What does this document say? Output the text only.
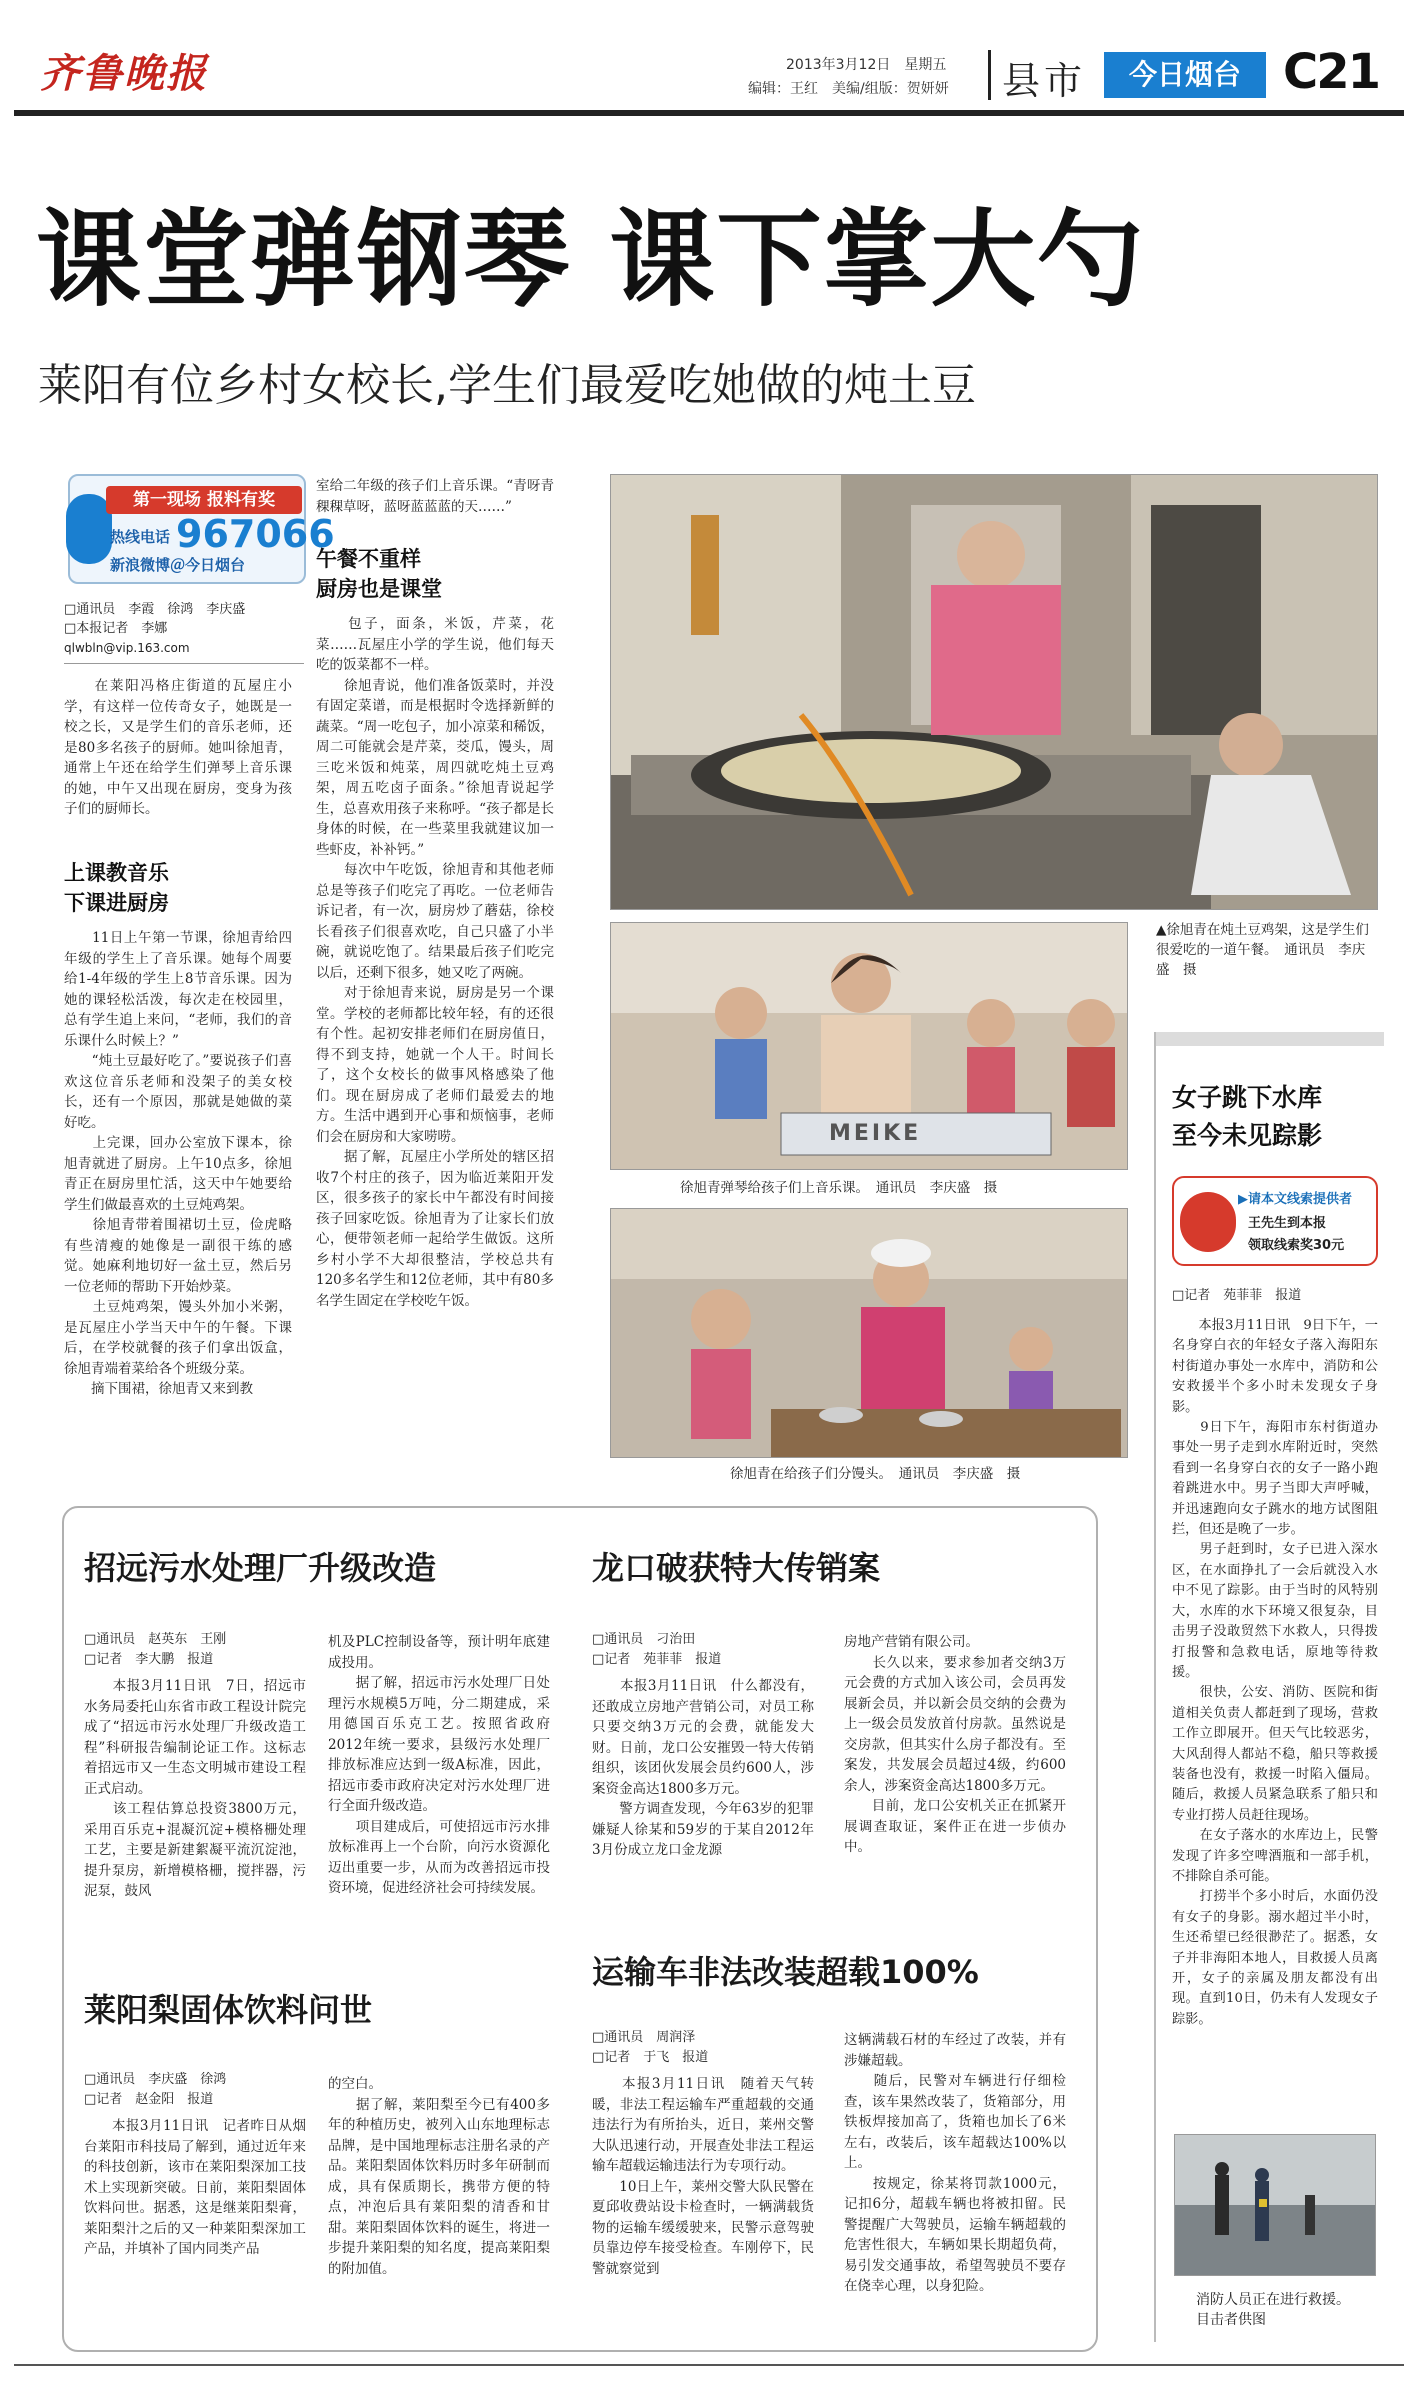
齐鲁晚报	2013年3月12日　星期五
编辑：王红　美编/组版：贺妍妍 县市	今日烟台 C21
课堂弹钢琴 课下掌大勺
莱阳有位乡村女校长,学生们最爱吃她做的炖土豆
第一现场 报料有奖
热线电话 967066
新浪微博＠今日烟台
□通讯员　李霞　徐鸿　李庆盛
□本报记者　李娜
qlwbln@vip.163.com
　　在莱阳冯格庄街道的瓦屋庄小学，有这样一位传奇女子，她既是一校之长，又是学生们的音乐老师，还是80多名孩子的厨师。她叫徐旭青，通常上午还在给学生们弹琴上音乐课的她，中午又出现在厨房，变身为孩子们的厨师长。
上课教音乐
下课进厨房
　　11日上午第一节课，徐旭青给四年级的学生上了音乐课。她每个周要给1-4年级的学生上8节音乐课。因为她的课轻松活泼，每次走在校园里，总有学生追上来问，“老师，我们的音乐课什么时候上？”
　　“炖土豆最好吃了。”要说孩子们喜欢这位音乐老师和没架子的美女校长，还有一个原因，那就是她做的菜好吃。
　　上完课，回办公室放下课本，徐旭青就进了厨房。上午10点多，徐旭青正在厨房里忙活，这天中午她要给学生们做最喜欢的土豆炖鸡架。
　　徐旭青带着围裙切土豆，俭虎略有些清瘦的她像是一副很干练的感觉。她麻利地切好一盆土豆，然后另一位老师的帮助下开始炒菜。
　　土豆炖鸡架，馒头外加小米粥，是瓦屋庄小学当天中午的午餐。下课后，在学校就餐的孩子们拿出饭盒，徐旭青端着菜给各个班级分菜。
　　摘下围裙，徐旭青又来到教
室给二年级的孩子们上音乐课。“青呀青稞稞草呀，蓝呀蓝蓝蓝的天……”
午餐不重样
厨房也是课堂
　　包子，面条，米饭，芹菜，花菜……瓦屋庄小学的学生说，他们每天吃的饭菜都不一样。
　　徐旭青说，他们准备饭菜时，并没有固定菜谱，而是根据时令选择新鲜的蔬菜。“周一吃包子，加小凉菜和稀饭，周二可能就会是芹菜，茭瓜，馒头，周三吃米饭和炖菜，周四就吃炖土豆鸡架，周五吃卤子面条。”徐旭青说起学生，总喜欢用孩子来称呼。“孩子都是长身体的时候，在一些菜里我就建议加一些虾皮，补补钙。”
　　每次中午吃饭，徐旭青和其他老师总是等孩子们吃完了再吃。一位老师告诉记者，有一次，厨房炒了蘑菇，徐校长看孩子们很喜欢吃，自己只盛了小半碗，就说吃饱了。结果最后孩子们吃完以后，还剩下很多，她又吃了两碗。
　　对于徐旭青来说，厨房是另一个课堂。学校的老师都比较年轻，有的还很有个性。起初安排老师们在厨房值日，得不到支持，她就一个人干。时间长了，这个女校长的做事风格感染了他们。现在厨房成了老师们最爱去的地方。生活中遇到开心事和烦恼事，老师们会在厨房和大家唠唠。
　　据了解，瓦屋庄小学所处的辖区招收7个村庄的孩子，因为临近莱阳开发区，很多孩子的家长中午都没有时间接孩子回家吃饭。徐旭青为了让家长们放心，便带领老师一起给学生做饭。这所乡村小学不大却很整洁，学校总共有120多名学生和12位老师，其中有80多名学生固定在学校吃午饭。
▲徐旭青在炖土豆鸡架，这是学生们很爱吃的一道午餐。　通讯员　李庆盛　摄
MEIKE
徐旭青弹琴给孩子们上音乐课。　通讯员　李庆盛　摄
徐旭青在给孩子们分馒头。　通讯员　李庆盛　摄
女子跳下水库
至今未见踪影
▶请本文线索提供者
王先生到本报
领取线索奖30元
□记者　苑菲菲　报道
　　本报3月11日讯　9日下午，一名身穿白衣的年轻女子落入海阳东村街道办事处一水库中，消防和公安救援半个多小时未发现女子身影。
　　9日下午，海阳市东村街道办事处一男子走到水库附近时，突然看到一名身穿白衣的女子一路小跑着跳进水中。男子当即大声呼喊，并迅速跑向女子跳水的地方试图阻拦，但还是晚了一步。
　　男子赶到时，女子已进入深水区，在水面挣扎了一会后就没入水中不见了踪影。由于当时的风特别大，水库的水下环境又很复杂，目击男子没敢贸然下水救人，只得拨打报警和急救电话，原地等待救援。
　　很快，公安、消防、医院和街道相关负责人都赶到了现场，营救工作立即展开。但天气比较恶劣，大风刮得人都站不稳，船只等救援装备也没有，救援一时陷入僵局。随后，救援人员紧急联系了船只和专业打捞人员赶往现场。
　　在女子落水的水库边上，民警发现了许多空啤酒瓶和一部手机，不排除自杀可能。
　　打捞半个多小时后，水面仍没有女子的身影。溺水超过半小时，生还希望已经很渺茫了。据悉，女子并非海阳本地人，目救援人员离开，女子的亲属及朋友都没有出现。直到10日，仍未有人发现女子踪影。
消防人员正在进行救援。
目击者供图
招远污水处理厂升级改造
□通讯员　赵英东　王刚
□记者　李大鹏　报道
　　本报3月11日讯　7日，招远市水务局委托山东省市政工程设计院完成了“招远市污水处理厂升级改造工程”科研报告编制论证工作。这标志着招远市又一生态文明城市建设工程正式启动。
　　该工程估算总投资3800万元，采用百乐克+混凝沉淀+模格栅处理工艺，主要是新建絮凝平流沉淀池，提升泵房，新增模格栅，搅拌器，污泥泵，鼓风
机及PLC控制设备等，预计明年底建成投用。
　　据了解，招远市污水处理厂日处理污水规模5万吨，分二期建成，采用德国百乐克工艺。按照省政府2012年统一要求，县级污水处理厂排放标准应达到一级A标准，因此，招远市委市政府决定对污水处理厂进行全面升级改造。
　　项目建成后，可使招远市污水排放标准再上一个台阶，向污水资源化迈出重要一步，从而为改善招远市投资环境，促进经济社会可持续发展。
龙口破获特大传销案
□通讯员　刁治田
□记者　苑菲菲　报道
　　本报3月11日讯　什么都没有，还敢成立房地产营销公司，对员工称只要交纳3万元的会费，就能发大财。日前，龙口公安摧毁一特大传销组织，该团伙发展会员约600人，涉案资金高达1800多万元。
　　警方调查发现，今年63岁的犯罪嫌疑人徐某和59岁的于某自2012年3月份成立龙口金龙源
房地产营销有限公司。
　　长久以来，要求参加者交纳3万元会费的方式加入该公司，会员再发展新会员，并以新会员交纳的会费为上一级会员发放首付房款。虽然说是交房款，但其实什么房子都没有。至案发，共发展会员超过4级，约600余人，涉案资金高达1800多万元。
　　目前，龙口公安机关正在抓紧开展调查取证，案件正在进一步侦办中。
莱阳梨固体饮料问世
□通讯员　李庆盛　徐鸿
□记者　赵金阳　报道
　　本报3月11日讯　记者昨日从烟台莱阳市科技局了解到，通过近年来的科技创新，该市在莱阳梨深加工技术上实现新突破。日前，莱阳梨固体饮料问世。据悉，这是继莱阳梨膏，莱阳梨汁之后的又一种莱阳梨深加工产品，并填补了国内同类产品
的空白。
　　据了解，莱阳梨至今已有400多年的种植历史，被列入山东地理标志品牌，是中国地理标志注册名录的产品。莱阳梨固体饮料历时多年研制而成，具有保质期长，携带方便的特点，冲泡后具有莱阳梨的清香和甘甜。莱阳梨固体饮料的诞生，将进一步提升莱阳梨的知名度，提高莱阳梨的附加值。
运输车非法改装超载100%
□通讯员　周润泽
□记者　于飞　报道
　　本报3月11日讯　随着天气转暖，非法工程运输车严重超载的交通违法行为有所抬头，近日，莱州交警大队迅速行动，开展查处非法工程运输车超载运输违法行为专项行动。
　　10日上午，莱州交警大队民警在夏邱收费站设卡检查时，一辆满载货物的运输车缓缓驶来，民警示意驾驶员靠边停车接受检查。车刚停下，民警就察觉到
这辆满载石材的车经过了改装，并有涉嫌超载。
　　随后，民警对车辆进行仔细检查，该车果然改装了，货箱部分，用铁板焊接加高了，货箱也加长了6米左右，改装后，该车超载达100%以上。
　　按规定，徐某将罚款1000元，记扣6分，超载车辆也将被扣留。民警提醒广大驾驶员，运输车辆超载的危害性很大，车辆如果长期超负荷，易引发交通事故，希望驾驶员不要存在侥幸心理，以身犯险。
